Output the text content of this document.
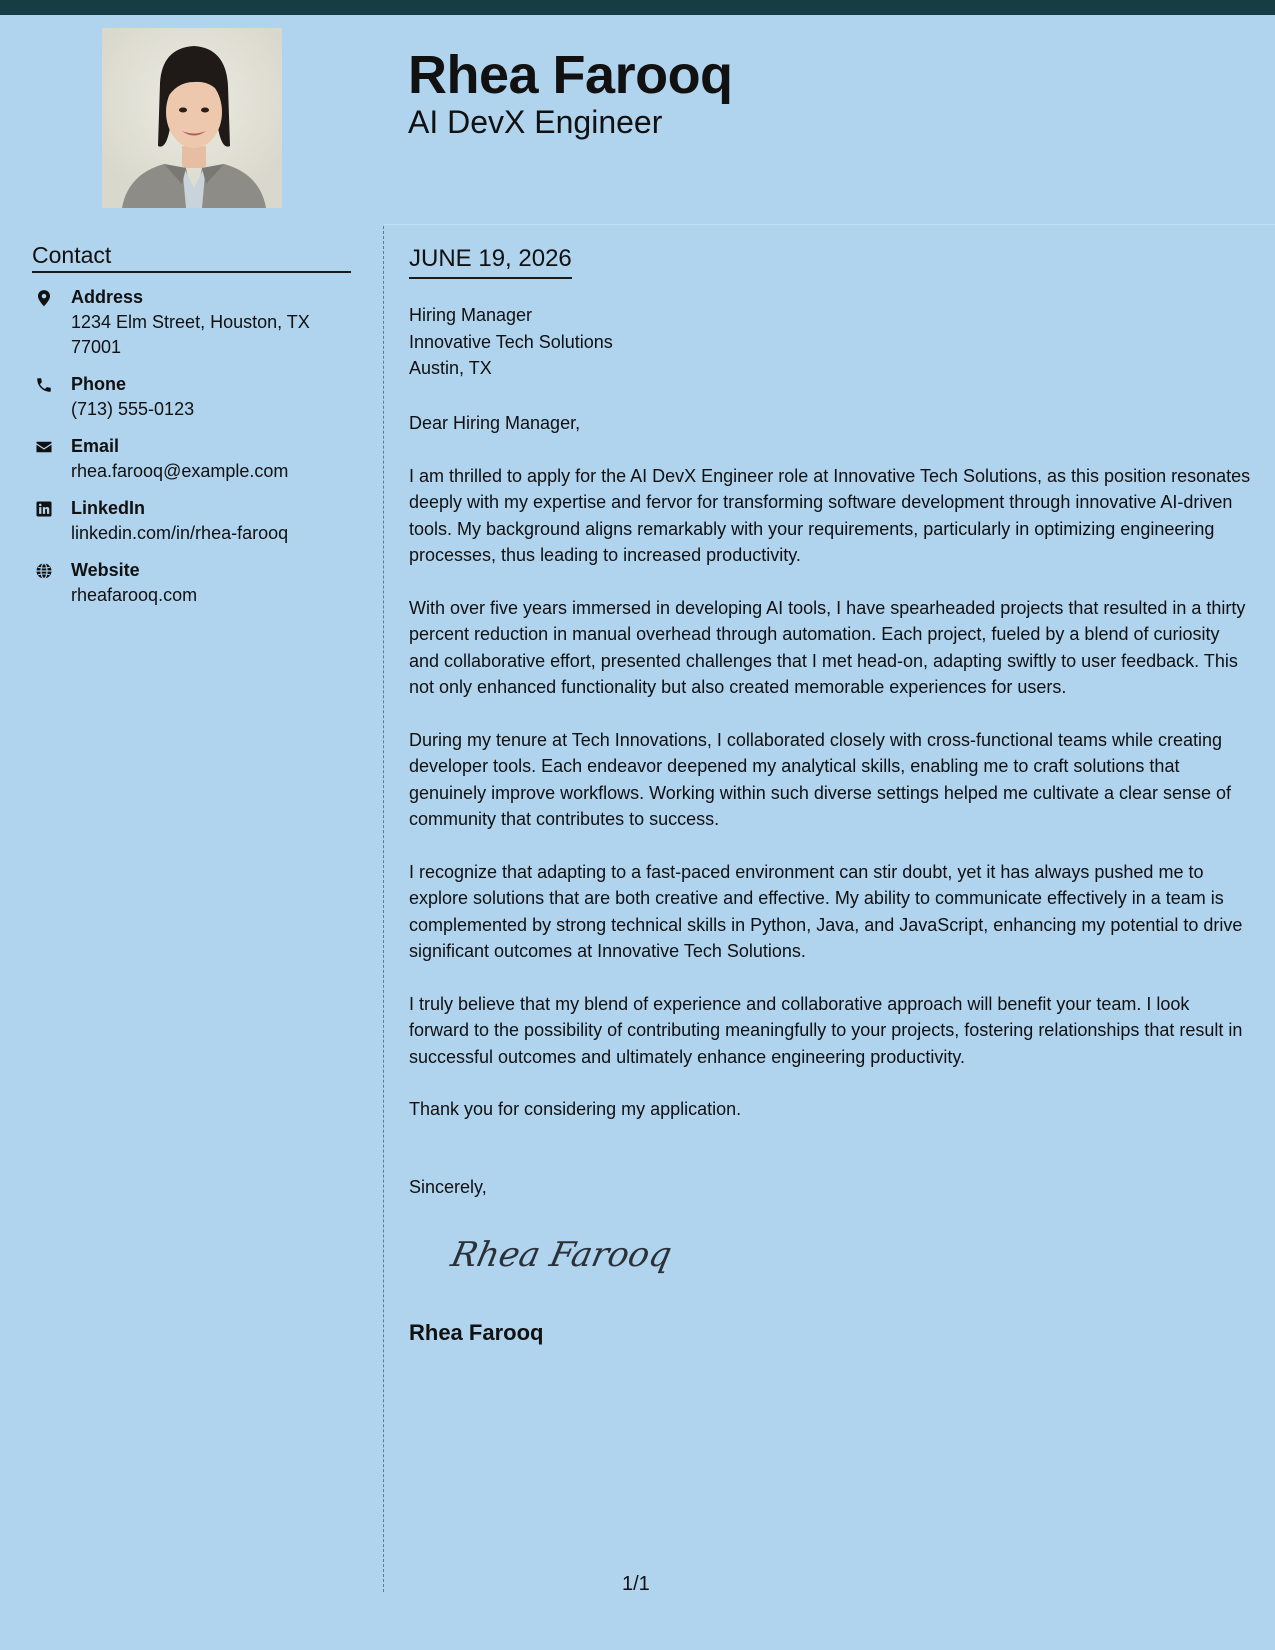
Rhea Farooq
AI DevX Engineer
Contact
Address
1234 Elm Street, Houston, TX 77001
Phone
(713) 555-0123
Email
rhea.farooq@example.com
LinkedIn
linkedin.com/in/rhea-farooq
Website
rheafarooq.com
JUNE 19, 2026
Hiring Manager
Innovative Tech Solutions
Austin, TX

Dear Hiring Manager,

I am thrilled to apply for the AI DevX Engineer role at Innovative Tech Solutions, as this position resonates deeply with my expertise and fervor for transforming software development through innovative AI-driven tools. My background aligns remarkably with your requirements, particularly in optimizing engineering processes, thus leading to increased productivity.

With over five years immersed in developing AI tools, I have spearheaded projects that resulted in a thirty percent reduction in manual overhead through automation. Each project, fueled by a blend of curiosity and collaborative effort, presented challenges that I met head-on, adapting swiftly to user feedback. This not only enhanced functionality but also created memorable experiences for users.

During my tenure at Tech Innovations, I collaborated closely with cross-functional teams while creating developer tools. Each endeavor deepened my analytical skills, enabling me to craft solutions that genuinely improve workflows. Working within such diverse settings helped me cultivate a clear sense of community that contributes to success.

I recognize that adapting to a fast-paced environment can stir doubt, yet it has always pushed me to explore solutions that are both creative and effective. My ability to communicate effectively in a team is complemented by strong technical skills in Python, Java, and JavaScript, enhancing my potential to drive significant outcomes at Innovative Tech Solutions.

I truly believe that my blend of experience and collaborative approach will benefit your team. I look forward to the possibility of contributing meaningfully to your projects, fostering relationships that result in successful outcomes and ultimately enhance engineering productivity.

Thank you for considering my application.

Sincerely,
Rhea Farooq
Rhea Farooq
1/1
